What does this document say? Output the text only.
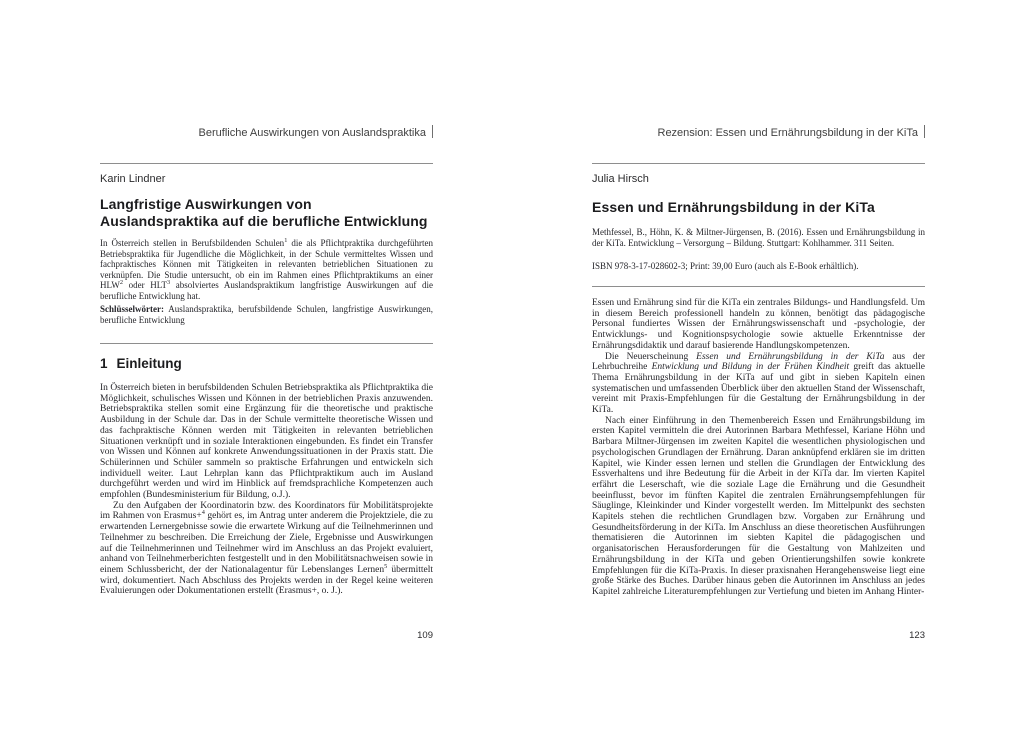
Berufliche Auswirkungen von Auslandspraktika
Karin Lindner
Langfristige Auswirkungen von Auslandspraktika auf die berufliche Entwicklung
In Österreich stellen in Berufsbildenden Schulen$^1$ die als Pflichtpraktika durchgeführten Betriebspraktika für Jugendliche die Möglichkeit, in der Schule vermitteltes Wissen und fachpraktisches Können mit Tätigkeiten in relevanten betrieblichen Situationen zu verknüpfen. Die Studie untersucht, ob ein im Rahmen eines Pflichtpraktikums an einer HLW$^2$ oder HLT$^3$ absolviertes Auslandspraktikum langfristige Auswirkungen auf die berufliche Entwicklung hat.
Schlüsselwörter: Auslandspraktika, berufsbildende Schulen, langfristige Auswirkungen, berufliche Entwicklung
1 Einleitung

In Österreich bieten in berufsbildenden Schulen Betriebspraktika als Pflichtpraktika die Möglichkeit, schulisches Wissen und Können in der betrieblichen Praxis anzuwenden. Betriebspraktika stellen somit eine Ergänzung für die theoretische und praktische Ausbildung in der Schule dar. Das in der Schule vermittelte theoretische Wissen und das fachpraktische Können werden mit Tätigkeiten in relevanten betrieblichen Situationen verknüpft und in soziale Interaktionen eingebunden. Es findet ein Transfer von Wissen und Können auf konkrete Anwendungssituationen in der Praxis statt. Die Schülerinnen und Schüler sammeln so praktische Erfahrungen und entwickeln sich individuell weiter. Laut Lehrplan kann das Pflichtpraktikum auch im Ausland durchgeführt werden und wird im Hinblick auf fremdsprachliche Kompetenzen auch empfohlen (Bundesministerium für Bildung, o.J.).

Zu den Aufgaben der Koordinatorin bzw. des Koordinators für Mobilitätsprojekte im Rahmen von Erasmus+$^4$ gehört es, im Antrag unter anderem die Projektziele, die zu erwartenden Lernergebnisse sowie die erwartete Wirkung auf die Teilnehmerinnen und Teilnehmer zu beschreiben. Die Erreichung der Ziele, Ergebnisse und Auswirkungen auf die Teilnehmerinnen und Teilnehmer wird im Anschluss an das Projekt evaluiert, anhand von Teilnehmerberichten festgestellt und in den Mobilitätsnachweisen sowie in einem Schlussbericht, der der Nationalagentur für Lebenslanges Lernen$^5$ übermittelt wird, dokumentiert. Nach Abschluss des Projekts werden in der Regel keine weiteren Evaluierungen oder Dokumentationen erstellt (Erasmus+, o. J.).

109
Rezension: Essen und Ernährungsbildung in der KiTa
Julia Hirsch
Essen und Ernährungsbildung in der KiTa
Methfessel, B., Höhn, K. & Miltner-Jürgensen, B. (2016). Essen und Ernährungsbildung in der KiTa. Entwicklung – Versorgung – Bildung. Stuttgart: Kohlhammer. 311 Seiten.
ISBN 978-3-17-028602-3; Print: 39,00 Euro (auch als E-Book erhältlich).

Essen und Ernährung sind für die KiTa ein zentrales Bildungs- und Handlungsfeld. Um in diesem Bereich professionell handeln zu können, benötigt das pädagogische Personal fundiertes Wissen der Ernährungswissenschaft und -psychologie, der Entwicklungs- und Kognitionspsychologie sowie aktuelle Erkenntnisse der Ernährungsdidaktik und darauf basierende Handlungskompetenzen.

Die Neuerscheinung Essen und Ernährungsbildung in der KiTa aus der Lehrbuchreihe Entwicklung und Bildung in der Frühen Kindheit greift das aktuelle Thema Ernährungsbildung in der KiTa auf und gibt in sieben Kapiteln einen systematischen und umfassenden Überblick über den aktuellen Stand der Wissenschaft, vereint mit Praxis-Empfehlungen für die Gestaltung der Ernährungsbildung in der KiTa.

Nach einer Einführung in den Themenbereich Essen und Ernährungsbildung im ersten Kapitel vermitteln die drei Autorinnen Barbara Methfessel, Kariane Höhn und Barbara Miltner-Jürgensen im zweiten Kapitel die wesentlichen physiologischen und psychologischen Grundlagen der Ernährung. Daran anknüpfend erklären sie im dritten Kapitel, wie Kinder essen lernen und stellen die Grundlagen der Entwicklung des Essverhaltens und ihre Bedeutung für die Arbeit in der KiTa dar. Im vierten Kapitel erfährt die Leserschaft, wie die soziale Lage die Ernährung und die Gesundheit beeinflusst, bevor im fünften Kapitel die zentralen Ernährungsempfehlungen für Säuglinge, Kleinkinder und Kinder vorgestellt werden. Im Mittelpunkt des sechsten Kapitels stehen die rechtlichen Grundlagen bzw. Vorgaben zur Ernährung und Gesundheitsförderung in der KiTa. Im Anschluss an diese theoretischen Ausführungen thematisieren die Autorinnen im siebten Kapitel die pädagogischen und organisatorischen Herausforderungen für die Gestaltung von Mahlzeiten und Ernährungsbildung in der KiTa und geben Orientierungshilfen sowie konkrete Empfehlungen für die KiTa-Praxis. In dieser praxisnahen Herangehensweise liegt eine große Stärke des Buches. Darüber hinaus geben die Autorinnen im Anschluss an jedes Kapitel zahlreiche Literaturempfehlungen zur Vertiefung und bieten im Anhang Hinter-

123
